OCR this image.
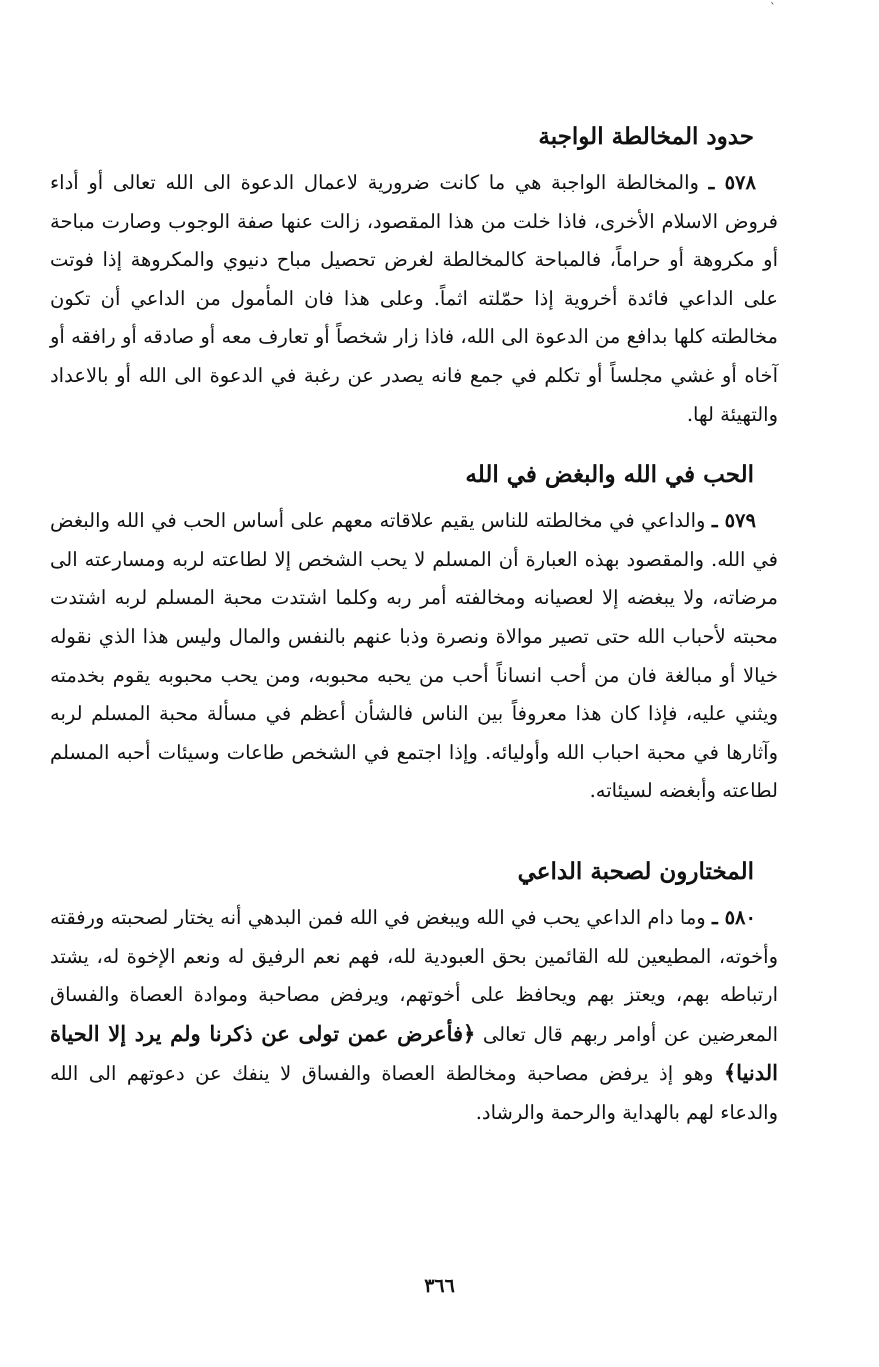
`
حدود المخالطة الواجبة

٥٧٨ ـ والمخالطة الواجبة هي ما كانت ضرورية لاعمال الدعوة الى الله تعالى أو أداء فروض الاسلام الأخرى، فاذا خلت من هذا المقصود، زالت عنها صفة الوجوب وصارت مباحة أو مكروهة أو حراماً، فالمباحة كالمخالطة لغرض تحصيل مباح دنيوي والمكروهة إذا فوتت على الداعي فائدة أخروية إذا حمّلته اثماً. وعلى هذا فان المأمول من الداعي أن تكون مخالطته كلها بدافع من الدعوة الى الله، فاذا زار شخصاً أو تعارف معه أو صادقه أو رافقه أو آخاه أو غشي مجلساً أو تكلم في جمع فانه يصدر عن رغبة في الدعوة الى الله أو بالاعداد والتهيئة لها.

الحب في الله والبغض في الله

٥٧٩ ـ والداعي في مخالطته للناس يقيم علاقاته معهم على أساس الحب في الله والبغض في الله. والمقصود بهذه العبارة أن المسلم لا يحب الشخص إلا لطاعته لربه ومسارعته الى مرضاته، ولا يبغضه إلا لعصيانه ومخالفته أمر ربه وكلما اشتدت محبة المسلم لربه اشتدت محبته لأحباب الله حتى تصير موالاة ونصرة وذبا عنهم بالنفس والمال وليس هذا الذي نقوله خيالا أو مبالغة فان من أحب انساناً أحب من يحبه محبوبه، ومن يحب محبوبه يقوم بخدمته ويثني عليه، فإذا كان هذا معروفاً بين الناس فالشأن أعظم في مسألة محبة المسلم لربه وآثارها في محبة احباب الله وأوليائه. وإذا اجتمع في الشخص طاعات وسيئات أحبه المسلم لطاعته وأبغضه لسيئاته.

المختارون لصحبة الداعي

٥٨٠ ـ وما دام الداعي يحب في الله ويبغض في الله فمن البدهي أنه يختار لصحبته ورفقته وأخوته، المطيعين لله القائمين بحق العبودية لله، فهم نعم الرفيق له ونعم الإخوة له، يشتد ارتباطه بهم، ويعتز بهم ويحافظ على أخوتهم، ويرفض مصاحبة وموادة العصاة والفساق المعرضين عن أوامر ربهم قال تعالى ﴿فأعرض عمن تولى عن ذكرنا ولم يرد إلا الحياة الدنيا﴾ وهو إذ يرفض مصاحبة ومخالطة العصاة والفساق لا ينفك عن دعوتهم الى الله والدعاء لهم بالهداية والرحمة والرشاد.

٣٦٦
